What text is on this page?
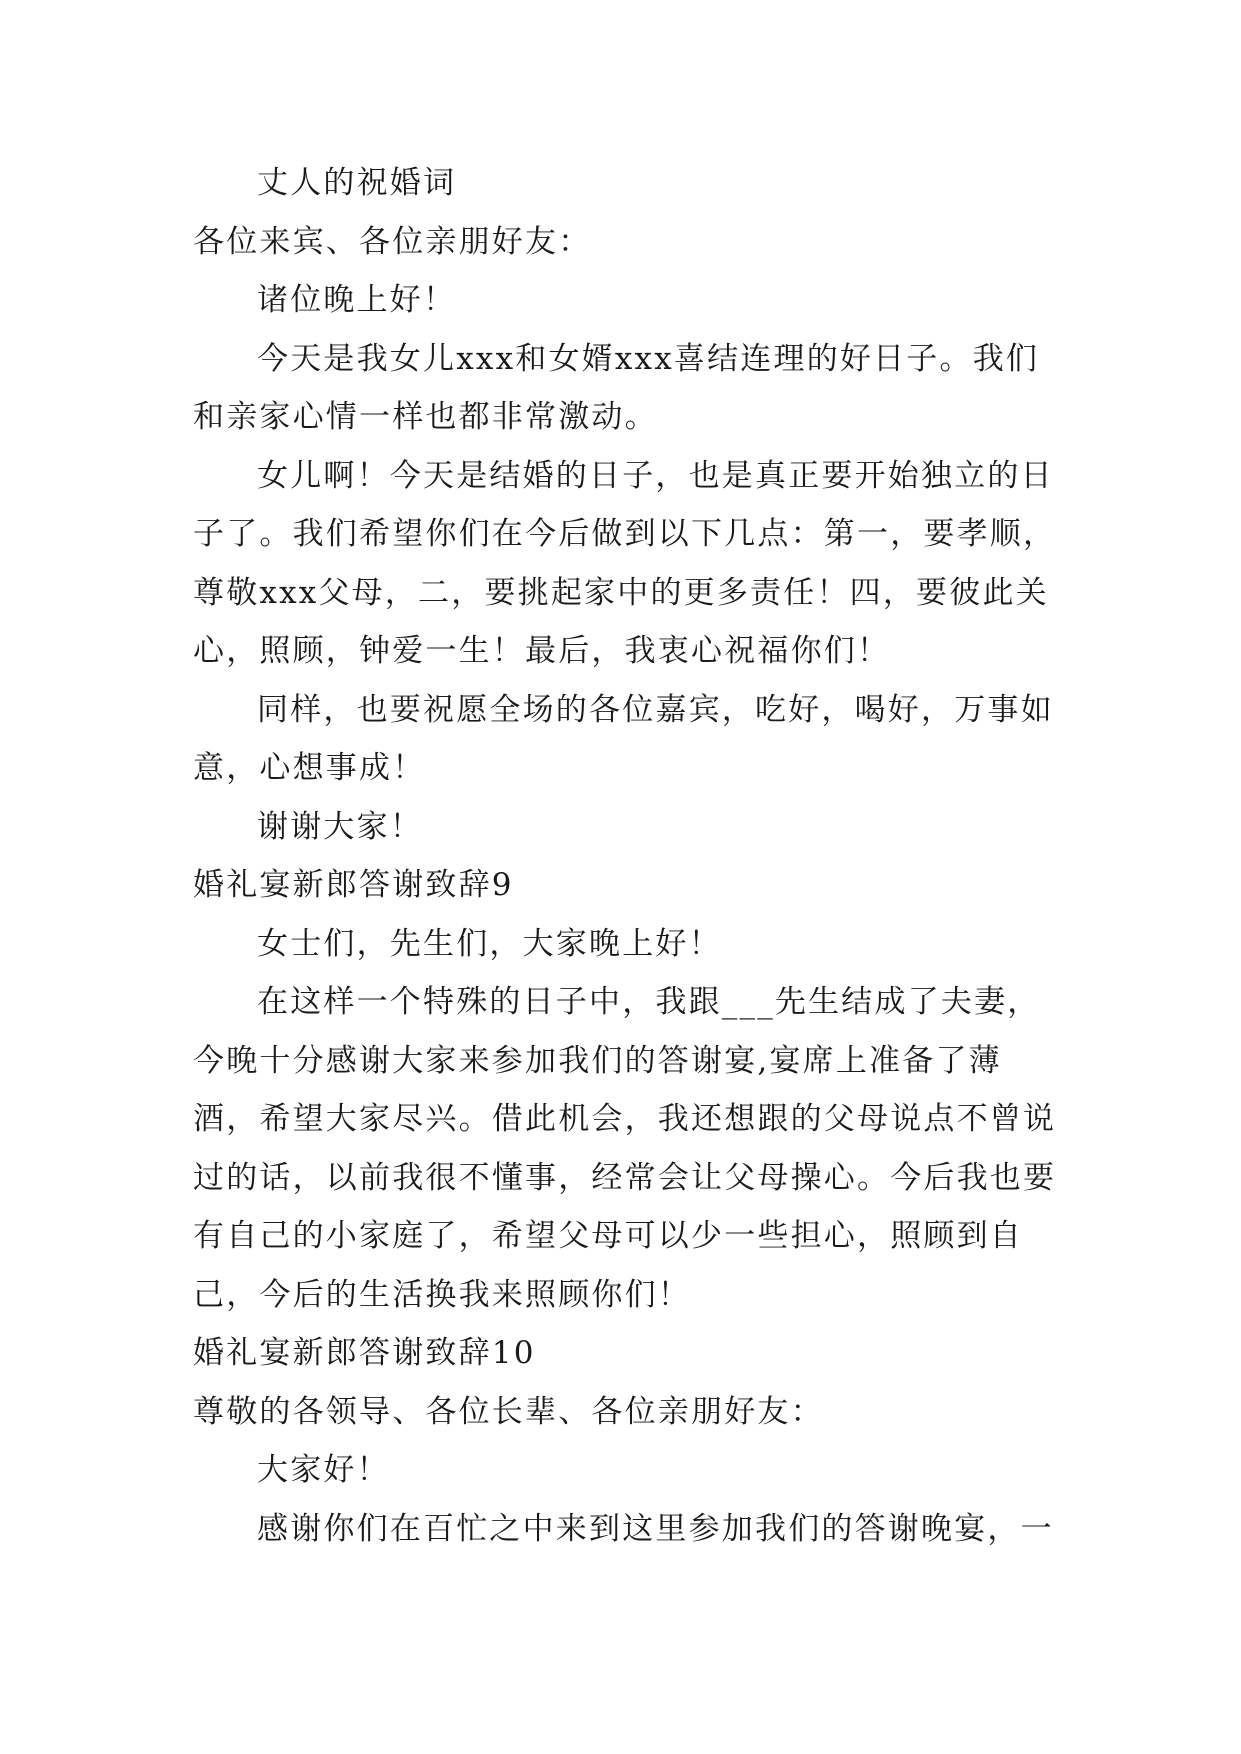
丈人的祝婚词

各位来宾、各位亲朋好友：

诸位晚上好！

今天是我女儿xxx和女婿xxx喜结连理的好日子。我们和亲家心情一样也都非常激动。

女儿啊！今天是结婚的日子，也是真正要开始独立的日子了。我们希望你们在今后做到以下几点：第一，要孝顺，尊敬xxx父母，二，要挑起家中的更多责任！四，要彼此关心，照顾，钟爱一生！最后，我衷心祝福你们！

同样，也要祝愿全场的各位嘉宾，吃好，喝好，万事如意，心想事成！

谢谢大家！

婚礼宴新郎答谢致辞9

女士们，先生们，大家晚上好！

在这样一个特殊的日子中，我跟___先生结成了夫妻，今晚十分感谢大家来参加我们的答谢宴,宴席上准备了薄酒，希望大家尽兴。借此机会，我还想跟的父母说点不曾说过的话，以前我很不懂事，经常会让父母操心。今后我也要有自己的小家庭了，希望父母可以少一些担心，照顾到自己，今后的生活换我来照顾你们！

婚礼宴新郎答谢致辞10

尊敬的各领导、各位长辈、各位亲朋好友：

大家好！

感谢你们在百忙之中来到这里参加我们的答谢晚宴，一
